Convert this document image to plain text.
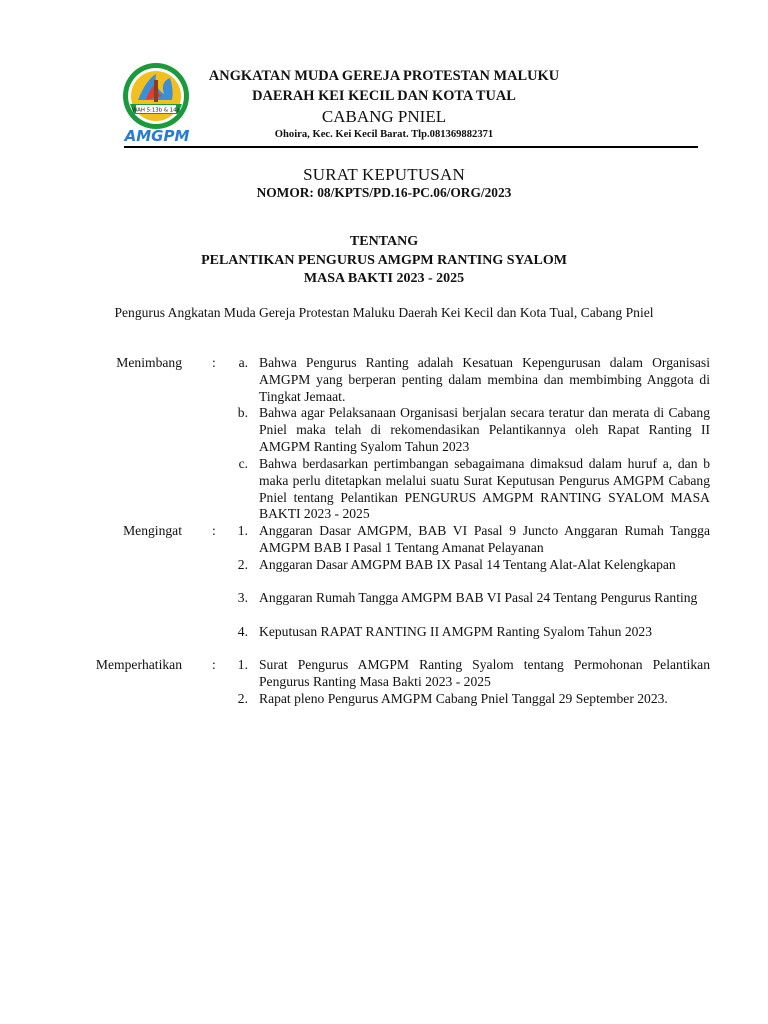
WAH 5:13b & 14a
AMGPM
ANGKATAN MUDA GEREJA PROTESTAN MALUKU
DAERAH KEI KECIL DAN KOTA TUAL
CABANG PNIEL
Ohoira, Kec. Kei Kecil Barat. Tlp.081369882371
SURAT KEPUTUSAN
NOMOR: 08/KPTS/PD.16-PC.06/ORG/2023
TENTANG
PELANTIKAN PENGURUS AMGPM RANTING SYALOM
MASA BAKTI 2023 - 2025
Pengurus Angkatan Muda Gereja Protestan Maluku Daerah Kei Kecil dan Kota Tual, Cabang Pniel
Menimbang :	a. Bahwa Pengurus Ranting adalah Kesatuan Kepengurusan dalam Organisasi AMGPM yang berperan penting dalam membina dan membimbing Anggota di Tingkat Jemaat.
b. Bahwa agar Pelaksanaan Organisasi berjalan secara teratur dan merata di Cabang Pniel maka telah di rekomendasikan Pelantikannya oleh Rapat Ranting II AMGPM Ranting Syalom Tahun 2023
c. Bahwa berdasarkan pertimbangan sebagaimana dimaksud dalam huruf a, dan b maka perlu ditetapkan melalui suatu Surat Keputusan Pengurus AMGPM Cabang Pniel tentang Pelantikan PENGURUS AMGPM RANTING SYALOM MASA BAKTI 2023 - 2025
Mengingat :	1. Anggaran Dasar AMGPM, BAB VI Pasal 9 Juncto Anggaran Rumah Tangga AMGPM BAB I Pasal 1 Tentang Amanat Pelayanan
2. Anggaran Dasar AMGPM BAB IX Pasal 14 Tentang Alat-Alat Kelengkapan
3. Anggaran Rumah Tangga AMGPM BAB VI Pasal 24 Tentang Pengurus Ranting
4. Keputusan RAPAT RANTING II AMGPM Ranting Syalom Tahun 2023
Memperhatikan :	1. Surat Pengurus AMGPM Ranting Syalom tentang Permohonan Pelantikan Pengurus Ranting Masa Bakti 2023 - 2025
2. Rapat pleno Pengurus AMGPM Cabang Pniel Tanggal 29 September 2023.
